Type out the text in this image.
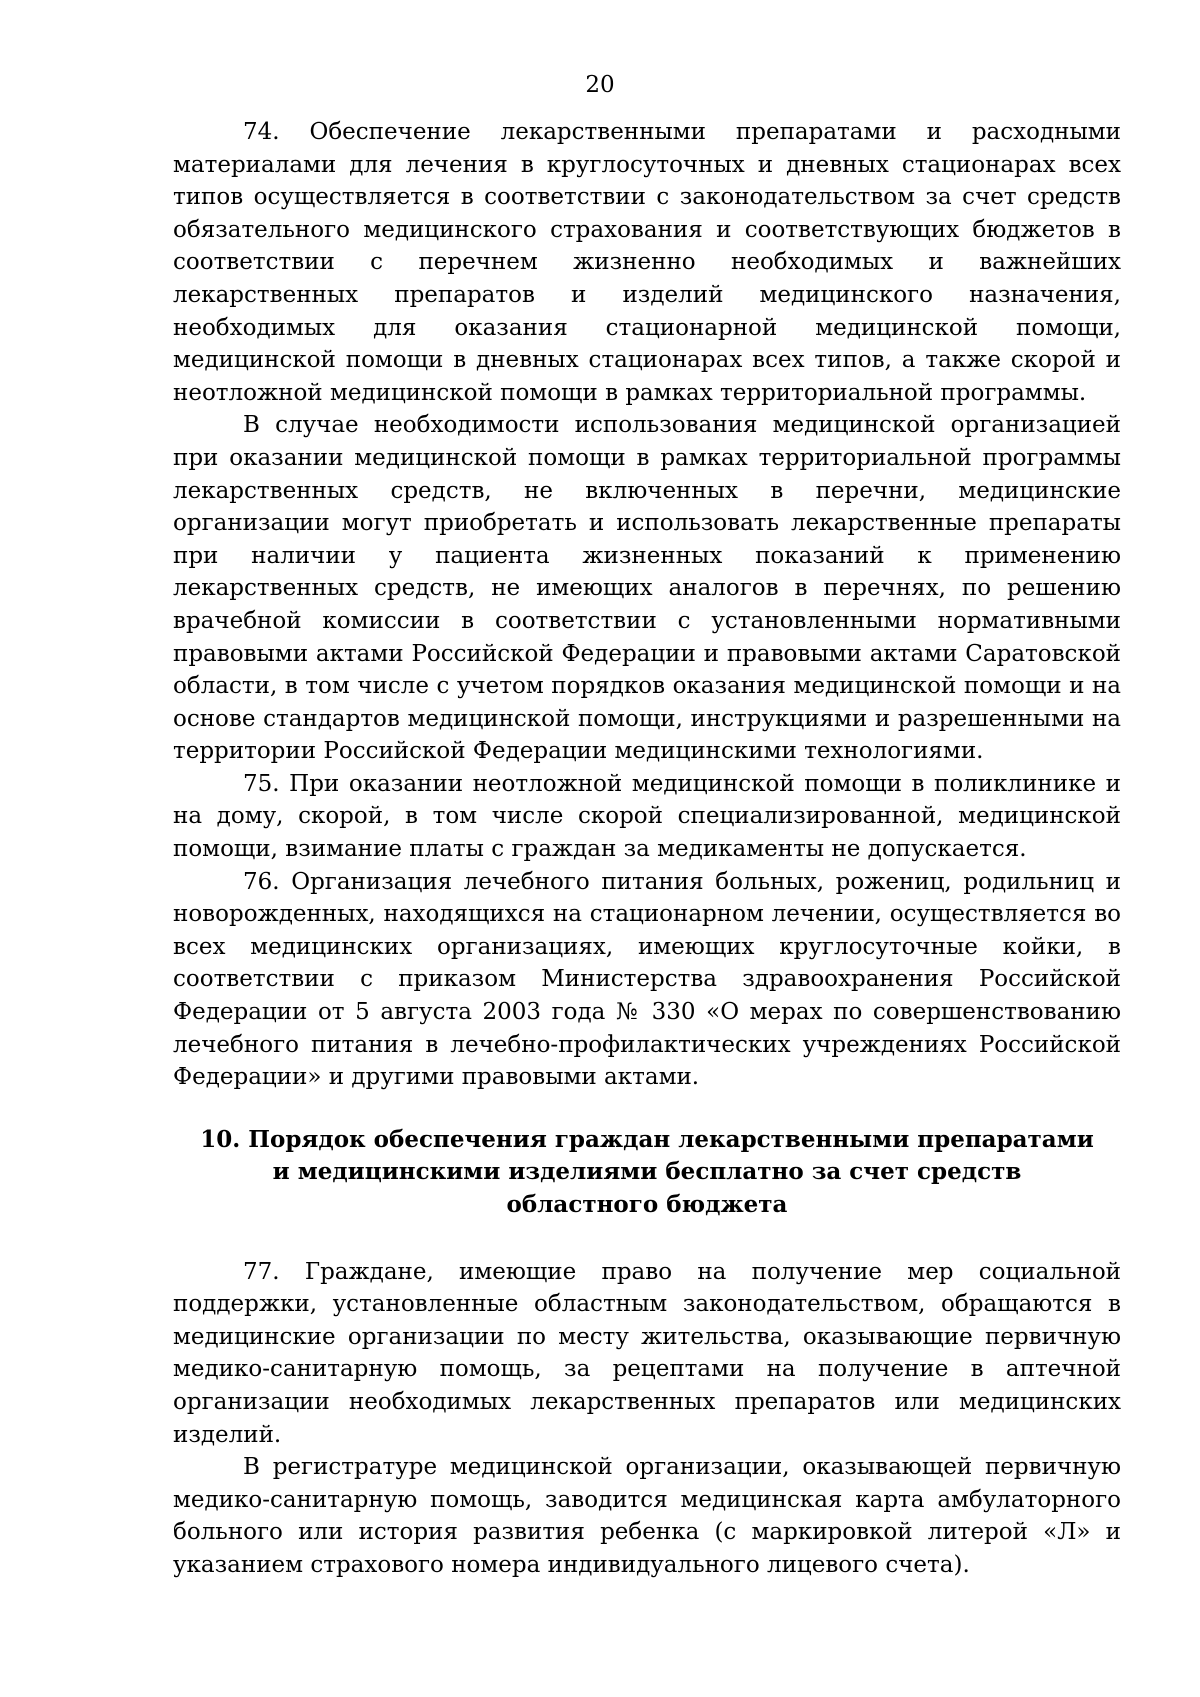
20

74. Обеспечение лекарственными препаратами и расходными материалами для лечения в круглосуточных и дневных стационарах всех типов осуществляется в соответствии с законодательством за счет средств обязательного медицинского страхования и соответствующих бюджетов в соответствии с перечнем жизненно необходимых и важнейших лекарственных препаратов и изделий медицинского назначения, необходимых для оказания стационарной медицинской помощи, медицинской помощи в дневных стационарах всех типов, а также скорой и неотложной медицинской помощи в рамках территориальной программы.

В случае необходимости использования медицинской организацией при оказании медицинской помощи в рамках территориальной программы лекарственных средств, не включенных в перечни, медицинские организации могут приобретать и использовать лекарственные препараты при наличии у пациента жизненных показаний к применению лекарственных средств, не имеющих аналогов в перечнях, по решению врачебной комиссии в соответствии с установленными нормативными правовыми актами Российской Федерации и правовыми актами Саратовской области, в том числе с учетом порядков оказания медицинской помощи и на основе стандартов медицинской помощи, инструкциями и разрешенными на территории Российской Федерации медицинскими технологиями.

75. При оказании неотложной медицинской помощи в поликлинике и на дому, скорой, в том числе скорой специализированной, медицинской помощи, взимание платы с граждан за медикаменты не допускается.

76. Организация лечебного питания больных, рожениц, родильниц и новорожденных, находящихся на стационарном лечении, осуществляется во всех медицинских организациях, имеющих круглосуточные койки, в соответствии с приказом Министерства здравоохранения Российской Федерации от 5 августа 2003 года № 330 «О мерах по совершенствованию лечебного питания в лечебно-профилактических учреждениях Российской Федерации» и другими правовыми актами.

10. Порядок обеспечения граждан лекарственными препаратами
и медицинскими изделиями бесплатно за счет средств
областного бюджета

77. Граждане, имеющие право на получение мер социальной поддержки, установленные областным законодательством, обращаются в медицинские организации по месту жительства, оказывающие первичную медико-санитарную помощь, за рецептами на получение в аптечной организации необходимых лекарственных препаратов или медицинских изделий.

В регистратуре медицинской организации, оказывающей первичную медико-санитарную помощь, заводится медицинская карта амбулаторного больного или история развития ребенка (с маркировкой литерой «Л» и указанием страхового номера индивидуального лицевого счета).
